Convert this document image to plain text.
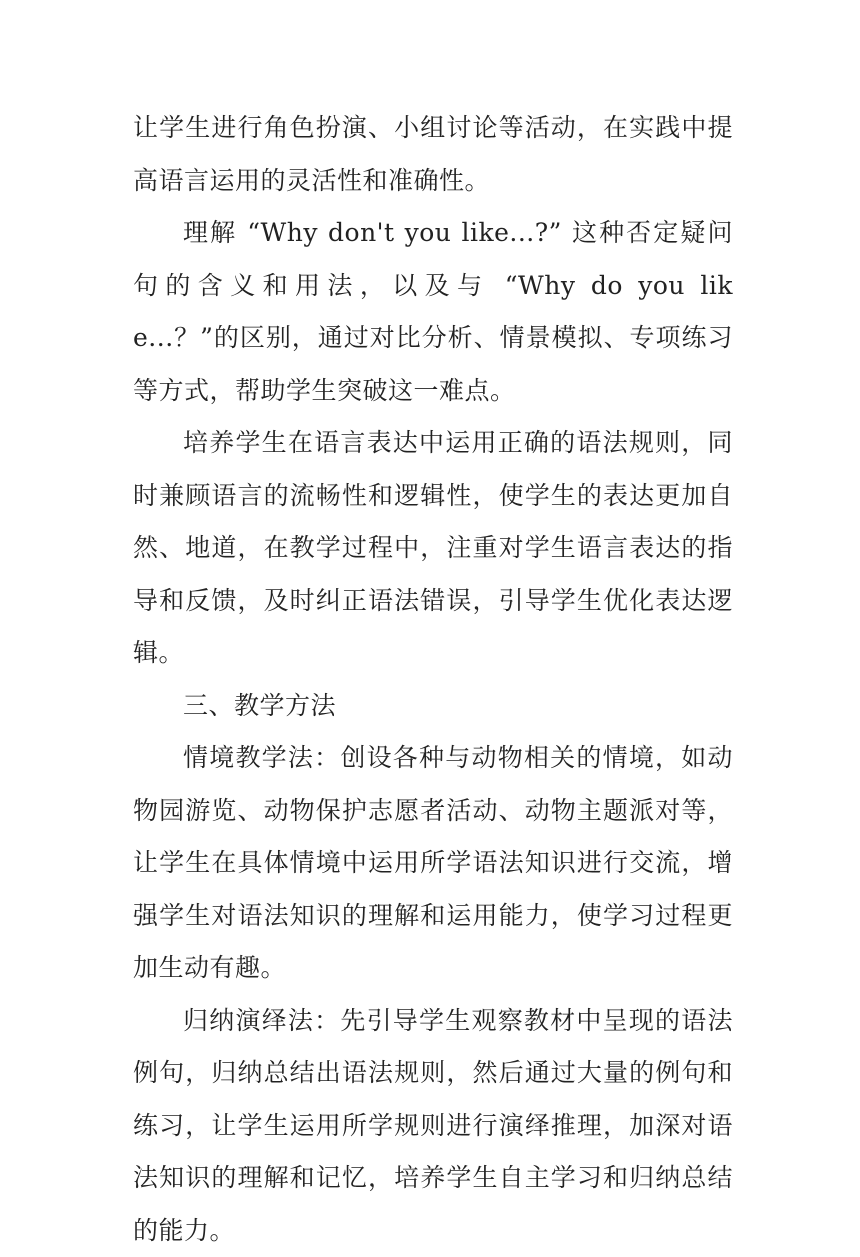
让学生进行角色扮演、小组讨论等活动，在实践中提高语言运用的灵活性和准确性。

理解 “Why don't you like...?” 这种否定疑问句的含义和用法，以及与 “Why do you like...？”的区别，通过对比分析、情景模拟、专项练习等方式，帮助学生突破这一难点。

培养学生在语言表达中运用正确的语法规则，同时兼顾语言的流畅性和逻辑性，使学生的表达更加自然、地道，在教学过程中，注重对学生语言表达的指导和反馈，及时纠正语法错误，引导学生优化表达逻辑。

三、教学方法

情境教学法：创设各种与动物相关的情境，如动物园游览、动物保护志愿者活动、动物主题派对等，让学生在具体情境中运用所学语法知识进行交流，增强学生对语法知识的理解和运用能力，使学习过程更加生动有趣。

归纳演绎法：先引导学生观察教材中呈现的语法例句，归纳总结出语法规则，然后通过大量的例句和练习，让学生运用所学规则进行演绎推理，加深对语法知识的理解和记忆，培养学生自主学习和归纳总结的能力。
